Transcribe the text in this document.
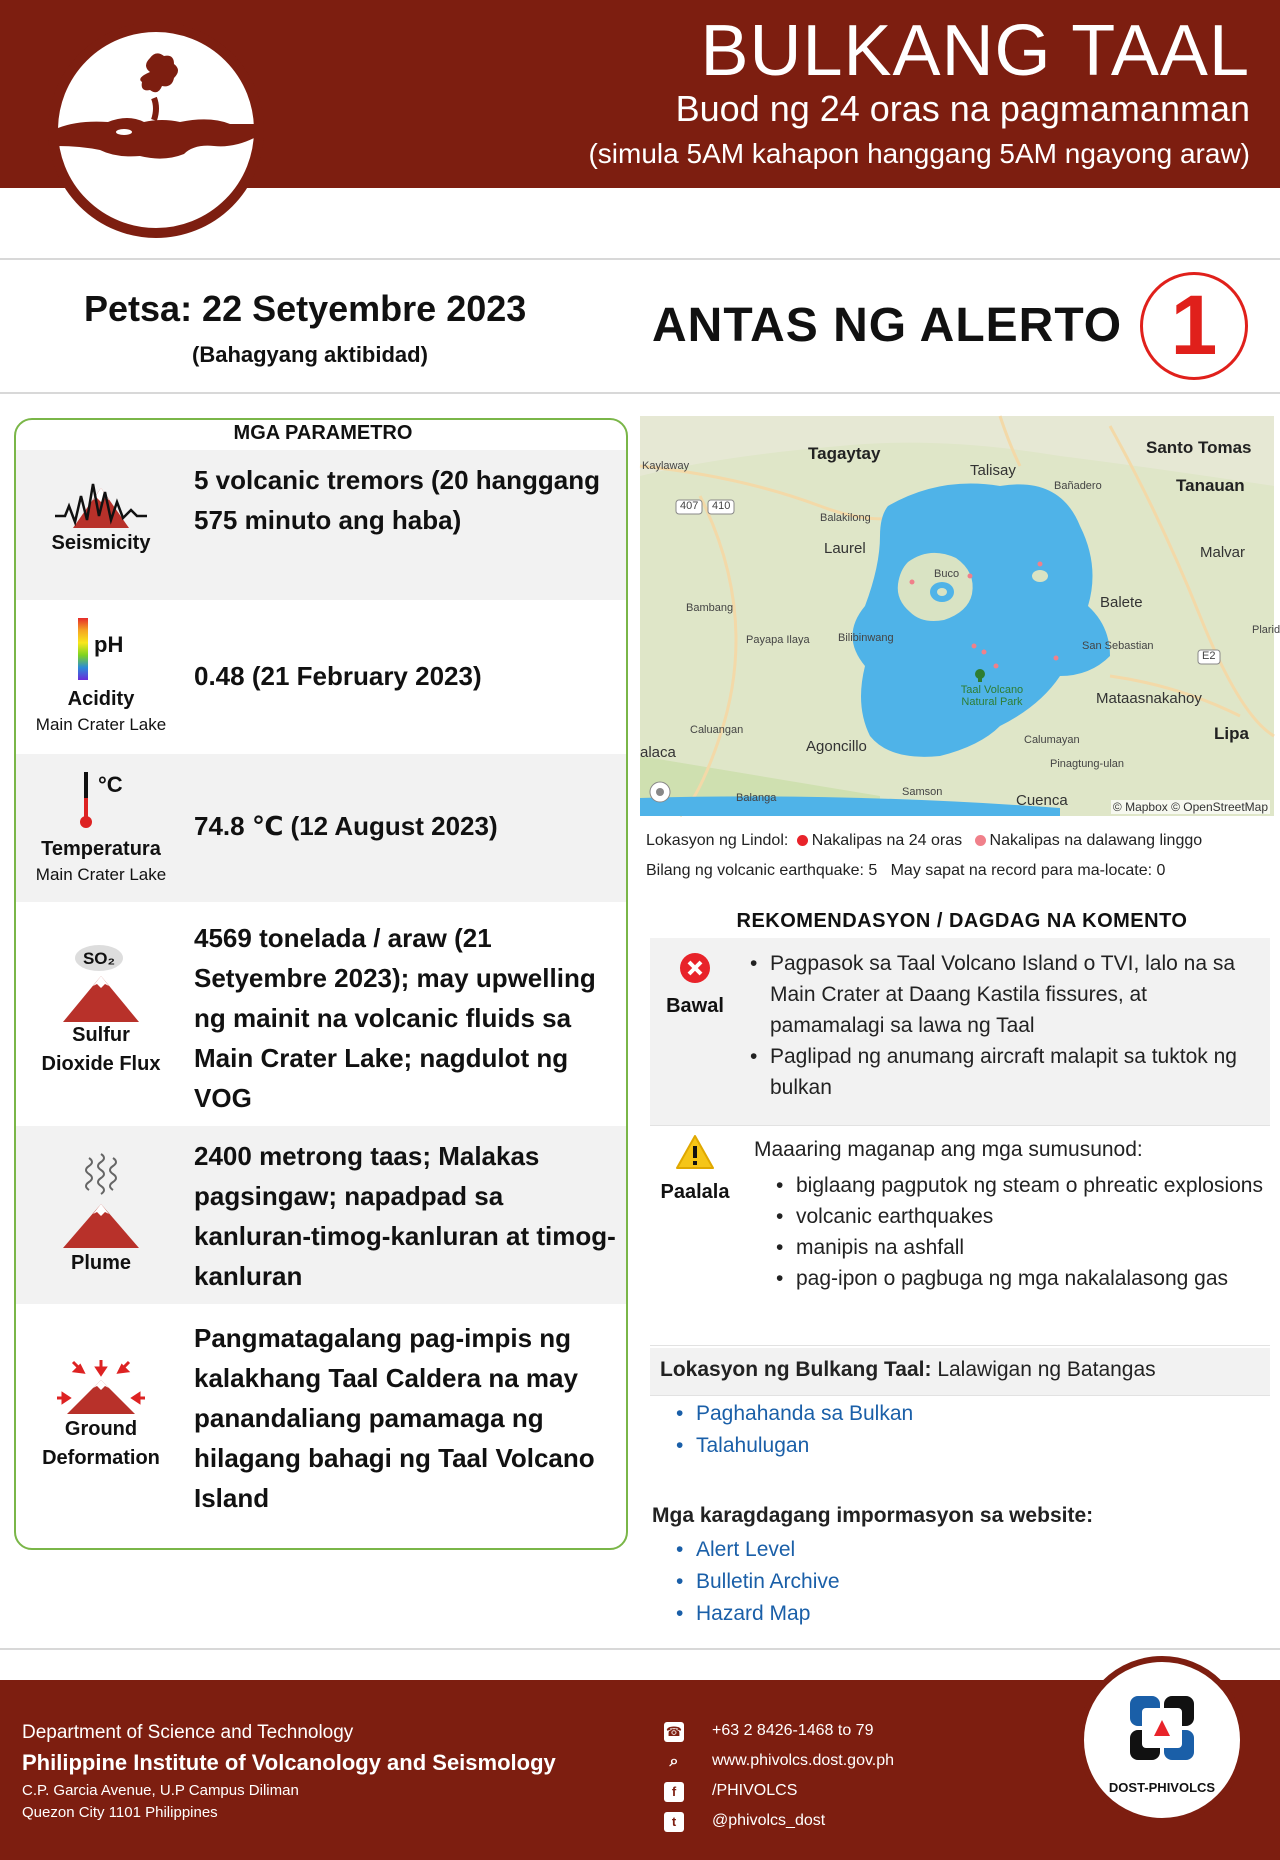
BULKANG TAAL
Buod ng 24 oras na pagmamanman
(simula 5AM kahapon hanggang 5AM ngayong araw)
Petsa: 22 Setyembre 2023
(Bahagyang aktibidad)
ANTAS NG ALERTO 1
MGA PARAMETRO
Seismicity
5 volcanic tremors (20 hanggang 575 minuto ang haba)
pH
Acidity
Main Crater Lake
0.48 (21 February 2023)
°C
Temperatura
Main Crater Lake
74.8 ℃ (12 August 2023)
SO₂
Sulfur
Dioxide Flux
4569 tonelada / araw (21 Setyembre 2023); may upwelling ng mainit na volcanic fluids sa Main Crater Lake; nagdulot ng VOG
Plume
2400 metrong taas; Malakas pagsingaw; napadpad sa kanluran-timog-kanluran at timog-kanluran
Ground
Deformation
Pangmatagalang pag-impis ng kalakhang Taal Caldera na may panandaliang pamamaga ng hilagang bahagi ng Taal Volcano Island
Tagaytay
Talisay
Santo Tomas
Tanauan
Kaylaway
Laurel	Malvar
Balete
Bambang
Payapa Ilaya	Bilibinwang
San Sebastian
Plarid
Balakilong
Bañadero
Buco
Taal Volcano Natural Park	Mataasnakahoy
Caluangan
Agoncillo
Lipa
alaca
Calumayan
Pinagtung-ulan
Balanga	Samson	Cuenca
407 410
E2
© Mapbox © OpenStreetMap
Lokasyon ng Lindol: Nakalipas na 24 oras Nakalipas na dalawang linggo
Bilang ng volcanic earthquake: 5   May sapat na record para ma-locate: 0
REKOMENDASYON / DAGDAG NA KOMENTO
Bawal
• Pagpasok sa Taal Volcano Island o TVI, lalo na sa Main Crater at Daang Kastila fissures, at pamamalagi sa lawa ng Taal
• Paglipad ng anumang aircraft malapit sa tuktok ng bulkan
Paalala
Maaaring maganap ang mga sumusunod:
• biglaang pagputok ng steam o phreatic explosions
• volcanic earthquakes
• manipis na ashfall
• pag-ipon o pagbuga ng mga nakalalasong gas
Lokasyon ng Bulkang Taal: Lalawigan ng Batangas
• Paghahanda sa Bulkan
• Talahulugan
Mga karagdagang impormasyon sa website:
• Alert Level
• Bulletin Archive
• Hazard Map
Department of Science and Technology
Philippine Institute of Volcanology and Seismology
C.P. Garcia Avenue, U.P Campus Diliman
Quezon City 1101 Philippines
☎ +63 2 8426-1468 to 79
⌕	www.phivolcs.dost.gov.ph
f	/PHIVOLCS
t	@phivolcs_dost
DOST-PHIVOLCS
